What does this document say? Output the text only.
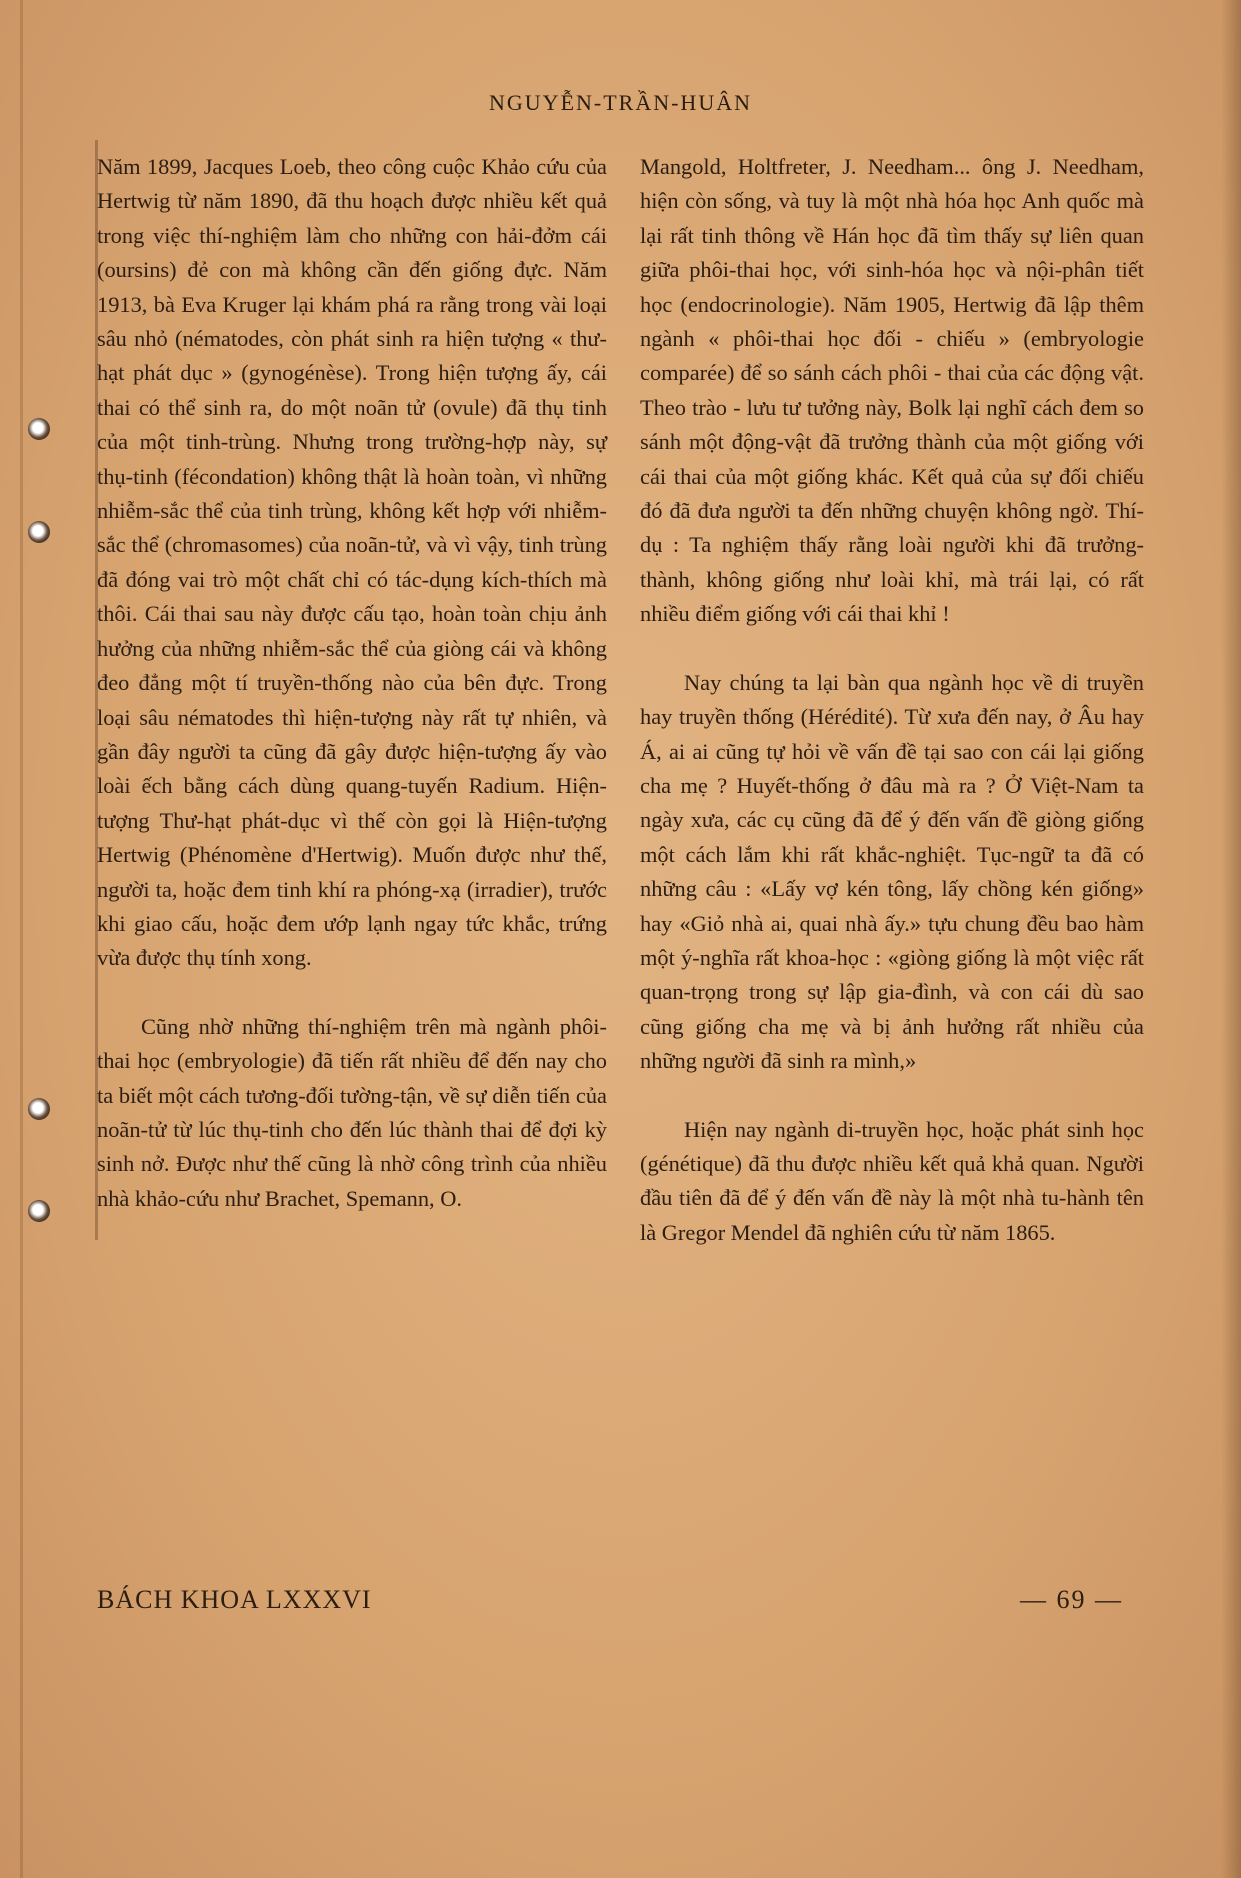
NGUYỄN-TRẦN-HUÂN

Năm 1899, Jacques Loeb, theo công cuộc Khảo cứu của Hertwig từ năm 1890, đã thu hoạch được nhiều kết quả trong việc thí-nghiệm làm cho những con hải-đởm cái (oursins) đẻ con mà không cần đến giống đực. Năm 1913, bà Eva Kruger lại khám phá ra rằng trong vài loại sâu nhỏ (nématodes, còn phát sinh ra hiện tượng « thư-hạt phát dục » (gynogénèse). Trong hiện tượng ấy, cái thai có thể sinh ra, do một noãn tử (ovule) đã thụ tinh của một tinh-trùng. Nhưng trong trường-hợp này, sự thụ-tinh (fécondation) không thật là hoàn toàn, vì những nhiễm-sắc thể của tinh trùng, không kết hợp với nhiễm-sắc thể (chromasomes) của noãn-tử, và vì vậy, tinh trùng đã đóng vai trò một chất chỉ có tác-dụng kích-thích mà thôi. Cái thai sau này được cấu tạo, hoàn toàn chịu ảnh hưởng của những nhiễm-sắc thể của giòng cái và không đeo đẳng một tí truyền-thống nào của bên đực. Trong loại sâu nématodes thì hiện-tượng này rất tự nhiên, và gần đây người ta cũng đã gây được hiện-tượng ấy vào loài ếch bằng cách dùng quang-tuyến Radium. Hiện-tượng Thư-hạt phát-dục vì thế còn gọi là Hiện-tượng Hertwig (Phénomène d'Hertwig). Muốn được như thế, người ta, hoặc đem tinh khí ra phóng-xạ (irradier), trước khi giao cấu, hoặc đem ướp lạnh ngay tức khắc, trứng vừa được thụ tính xong.

Cũng nhờ những thí-nghiệm trên mà ngành phôi-thai học (embryologie) đã tiến rất nhiều để đến nay cho ta biết một cách tương-đối tường-tận, về sự diễn tiến của noãn-tử từ lúc thụ-tinh cho đến lúc thành thai để đợi kỳ sinh nở. Được như thế cũng là nhờ công trình của nhiều nhà khảo-cứu như Brachet, Spemann, O.

Mangold, Holtfreter, J. Needham... ông J. Needham, hiện còn sống, và tuy là một nhà hóa học Anh quốc mà lại rất tinh thông về Hán học đã tìm thấy sự liên quan giữa phôi-thai học, với sinh-hóa học và nội-phân tiết học (endocrinologie). Năm 1905, Hertwig đã lập thêm ngành « phôi-thai học đối - chiếu » (embryologie comparée) để so sánh cách phôi - thai của các động vật. Theo trào - lưu tư tưởng này, Bolk lại nghĩ cách đem so sánh một động-vật đã trưởng thành của một giống với cái thai của một giống khác. Kết quả của sự đối chiếu đó đã đưa người ta đến những chuyện không ngờ. Thí-dụ : Ta nghiệm thấy rằng loài người khi đã trưởng-thành, không giống như loài khỉ, mà trái lại, có rất nhiều điểm giống với cái thai khỉ !

Nay chúng ta lại bàn qua ngành học về di truyền hay truyền thống (Hérédité). Từ xưa đến nay, ở Âu hay Á, ai ai cũng tự hỏi về vấn đề tại sao con cái lại giống cha mẹ ? Huyết-thống ở đâu mà ra ? Ở Việt-Nam ta ngày xưa, các cụ cũng đã để ý đến vấn đề giòng giống một cách lắm khi rất khắc-nghiệt. Tục-ngữ ta đã có những câu : «Lấy vợ kén tông, lấy chồng kén giống» hay «Giỏ nhà ai, quai nhà ấy.» tựu chung đều bao hàm một ý-nghĩa rất khoa-học : «giòng giống là một việc rất quan-trọng trong sự lập gia-đình, và con cái dù sao cũng giống cha mẹ và bị ảnh hưởng rất nhiều của những người đã sinh ra mình,»

Hiện nay ngành di-truyền học, hoặc phát sinh học (génétique) đã thu được nhiều kết quả khả quan. Người đầu tiên đã để ý đến vấn đề này là một nhà tu-hành tên là Gregor Mendel đã nghiên cứu từ năm 1865.

BÁCH KHOA LXXXVI	— 69 —
